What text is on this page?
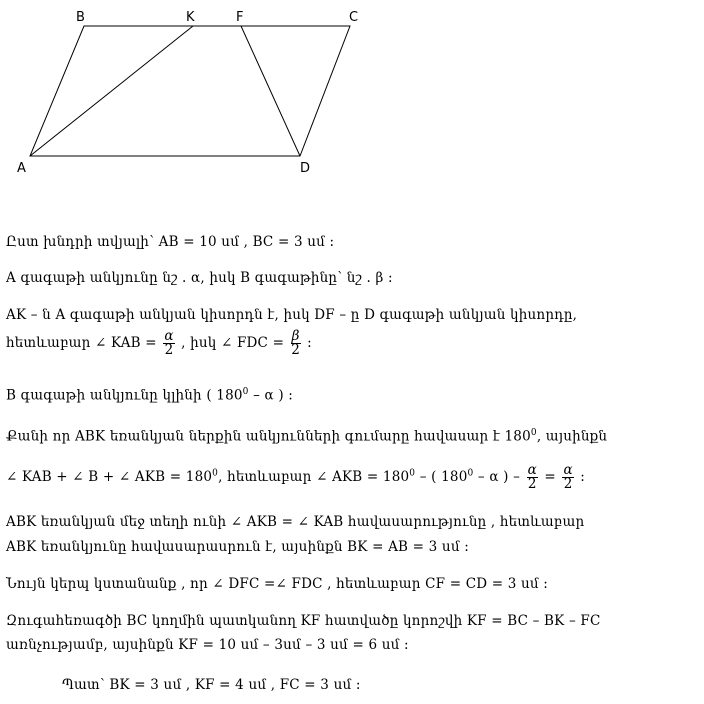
B	K	F	C
A	D
Ըստ խնդրի տվյալի՝ AB = 10 սմ , BC = 3 սմ :
A գագաթի անկյունը նշ . α, իսկ B գագաթինը՝ նշ . β :
AK – ն A գագաթի անկյան կիսորդն է, իսկ DF – ը D գագաթի անկյան կիսորդը,
հետևաբար ∠ KAB = $\frac{\alpha}{2}$ , իսկ ∠ FDC = $\frac{\beta}{2}$ :
B գագաթի անկյունը կլինի ( $180^0$ – α ) :
Քանի որ ABK եռանկյան ներքին անկյունների գումարը հավասար է $180^0$, այսինքն
∠ KAB + ∠ B + ∠ AKB = $180^0$, հետևաբար ∠ AKB = $180^0$ – ( $180^0$ – α ) – $\frac{\alpha}{2} = \frac{\alpha}{2}$ :
ABK եռանկյան մեջ տեղի ունի ∠ AKB = ∠ KAB հավասարությունը , հետևաբար
ABK եռանկյունը հավասարասրուն է, այսինքն BK = AB = 3 սմ :
Նույն կերպ կստանանք , որ ∠ DFC =∠ FDC , հետևաբար CF = CD = 3 սմ :
Զուգահեռագծի BC կողմին պատկանող KF հատվածը կորոշվի KF = BC – BK – FC
առնչությամբ, այսինքն KF = 10 սմ – 3սմ – 3 սմ = 6 սմ :
Պատ՝ BK = 3 սմ , KF = 4 սմ , FC = 3 սմ :
